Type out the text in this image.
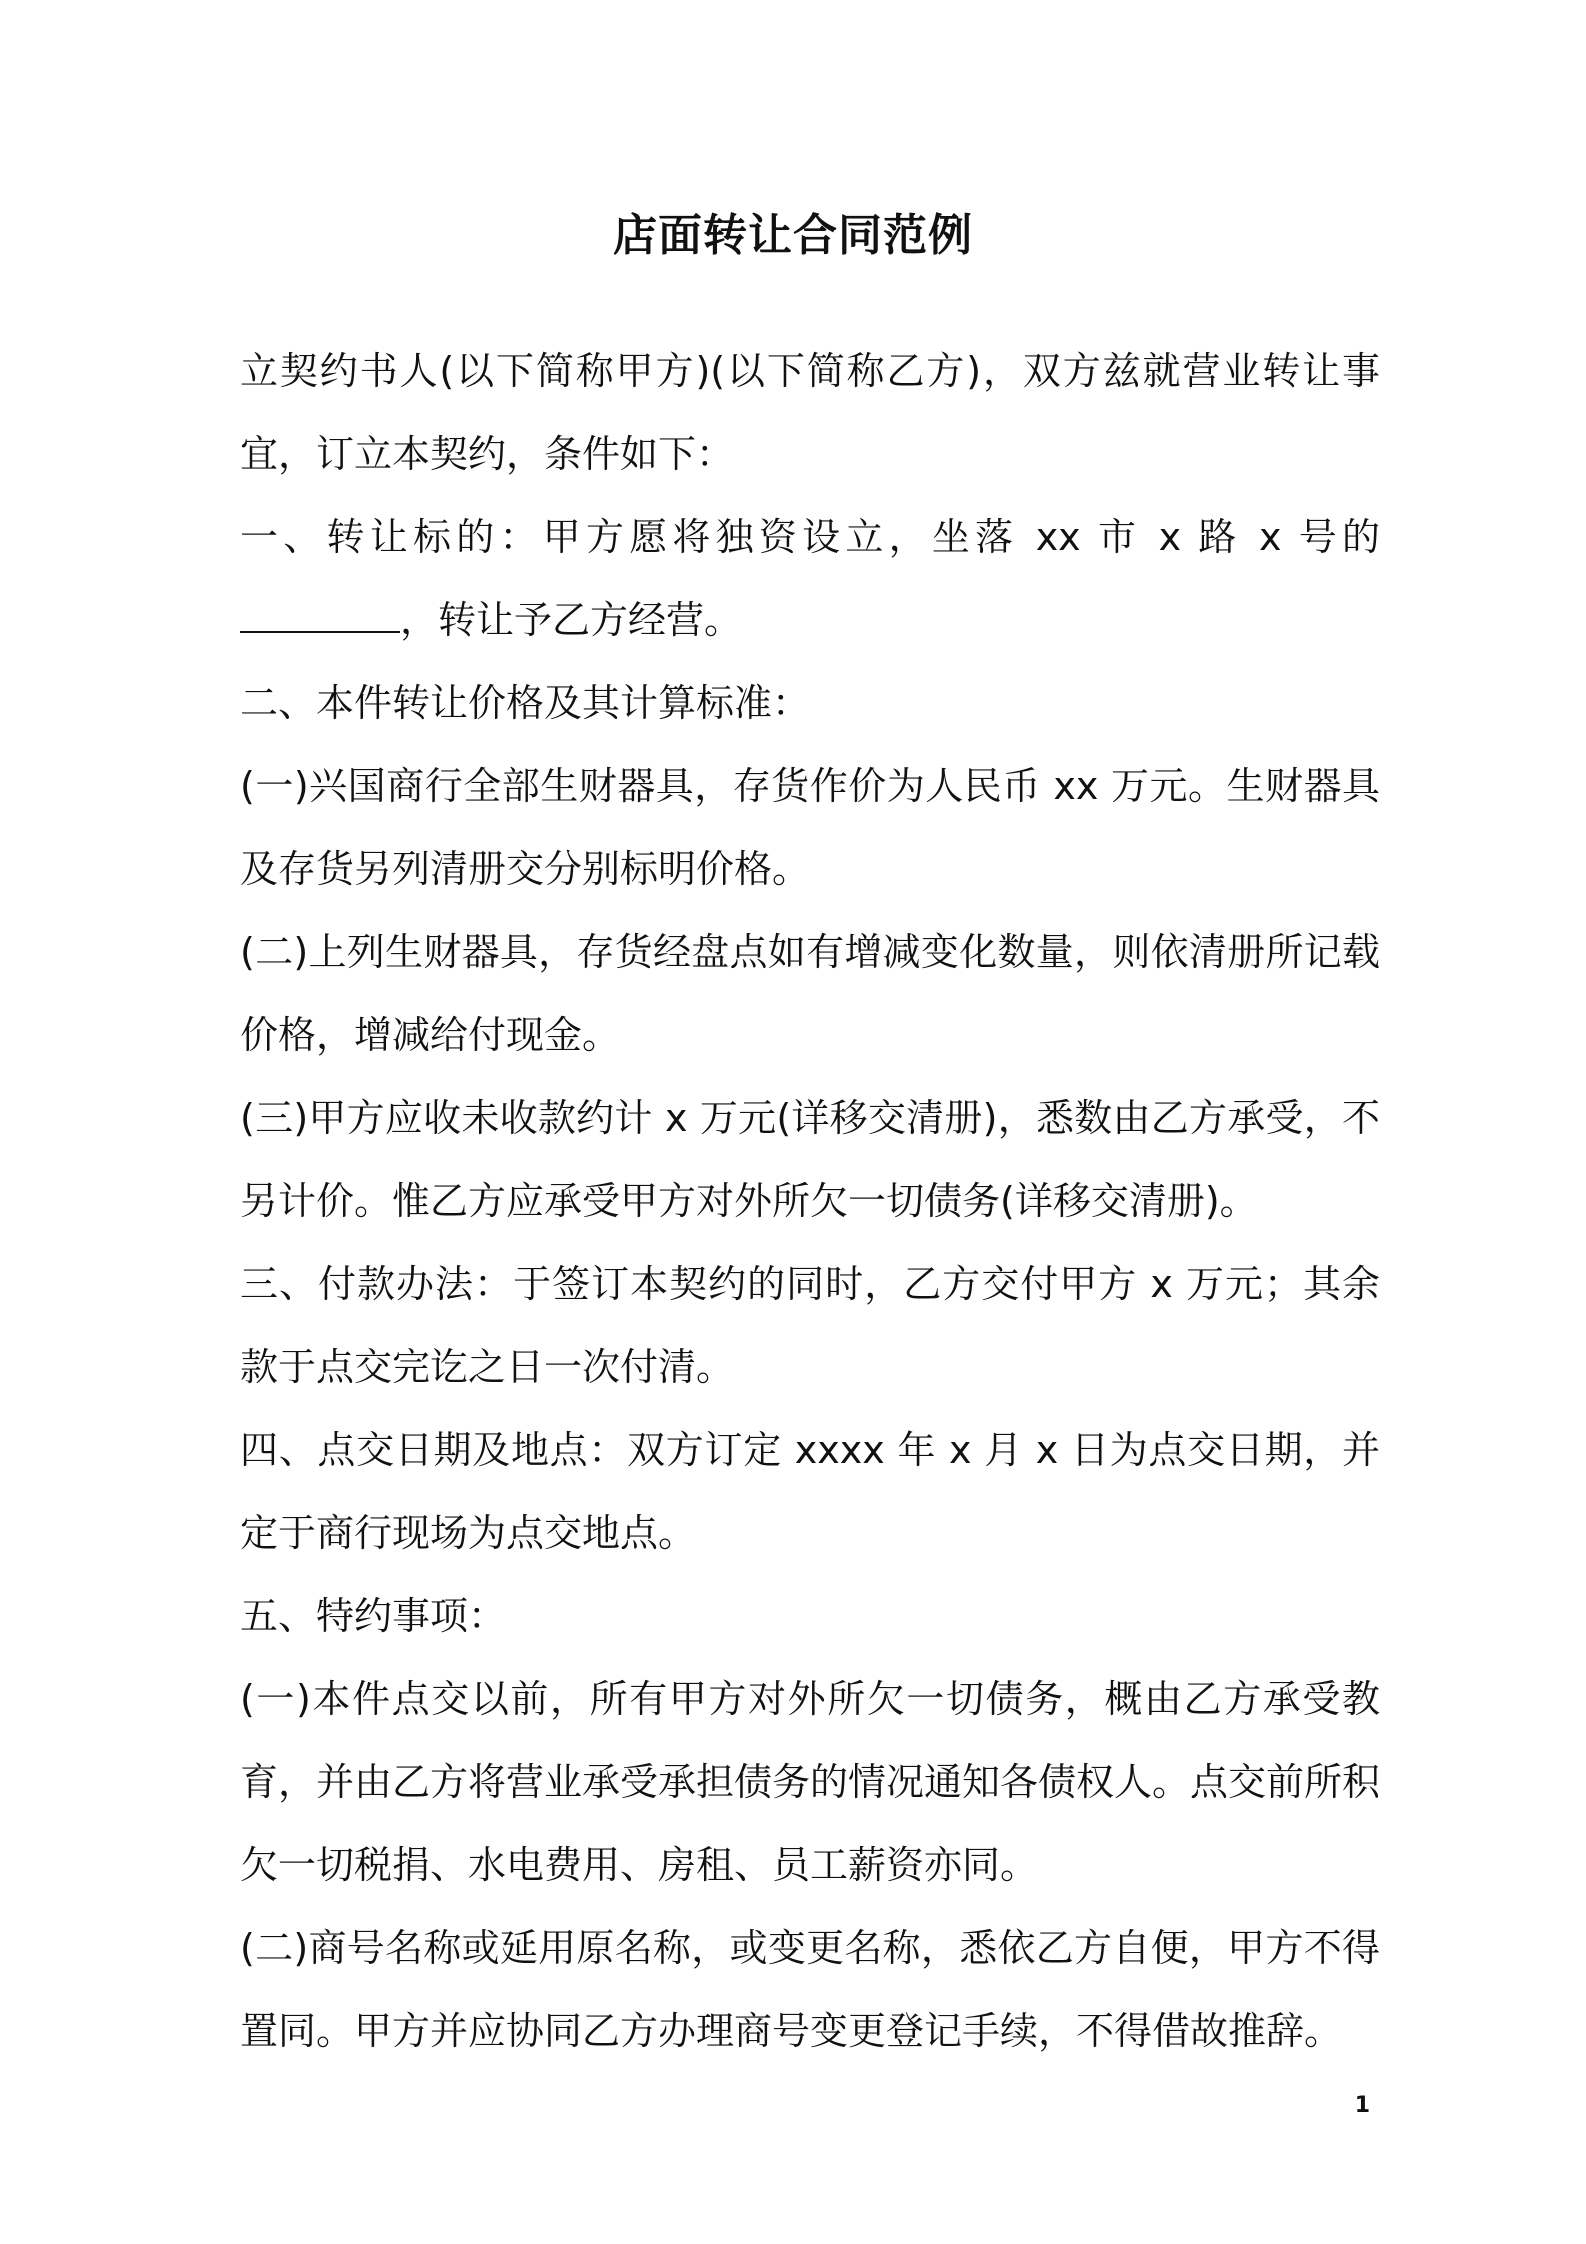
店面转让合同范例

立契约书人(以下简称甲方)(以下简称乙方)，双方兹就营业转让事宜，订立本契约，条件如下：

一、转让标的：甲方愿将独资设立，坐落 xx 市 x 路 x 号的，转让予乙方经营。

二、本件转让价格及其计算标准：

(一)兴国商行全部生财器具，存货作价为人民币 xx 万元。生财器具及存货另列清册交分别标明价格。

(二)上列生财器具，存货经盘点如有增减变化数量，则依清册所记载价格，增减给付现金。

(三)甲方应收未收款约计 x 万元(详移交清册)，悉数由乙方承受，不另计价。惟乙方应承受甲方对外所欠一切债务(详移交清册)。

三、付款办法：于签订本契约的同时，乙方交付甲方 x 万元；其余款于点交完讫之日一次付清。

四、点交日期及地点：双方订定 xxxx 年 x 月 x 日为点交日期，并定于商行现场为点交地点。

五、特约事项：

(一)本件点交以前，所有甲方对外所欠一切债务，概由乙方承受教育，并由乙方将营业承受承担债务的情况通知各债权人。点交前所积欠一切税捐、水电费用、房租、员工薪资亦同。

(二)商号名称或延用原名称，或变更名称，悉依乙方自便，甲方不得置同。甲方并应协同乙方办理商号变更登记手续，不得借故推辞。

1
